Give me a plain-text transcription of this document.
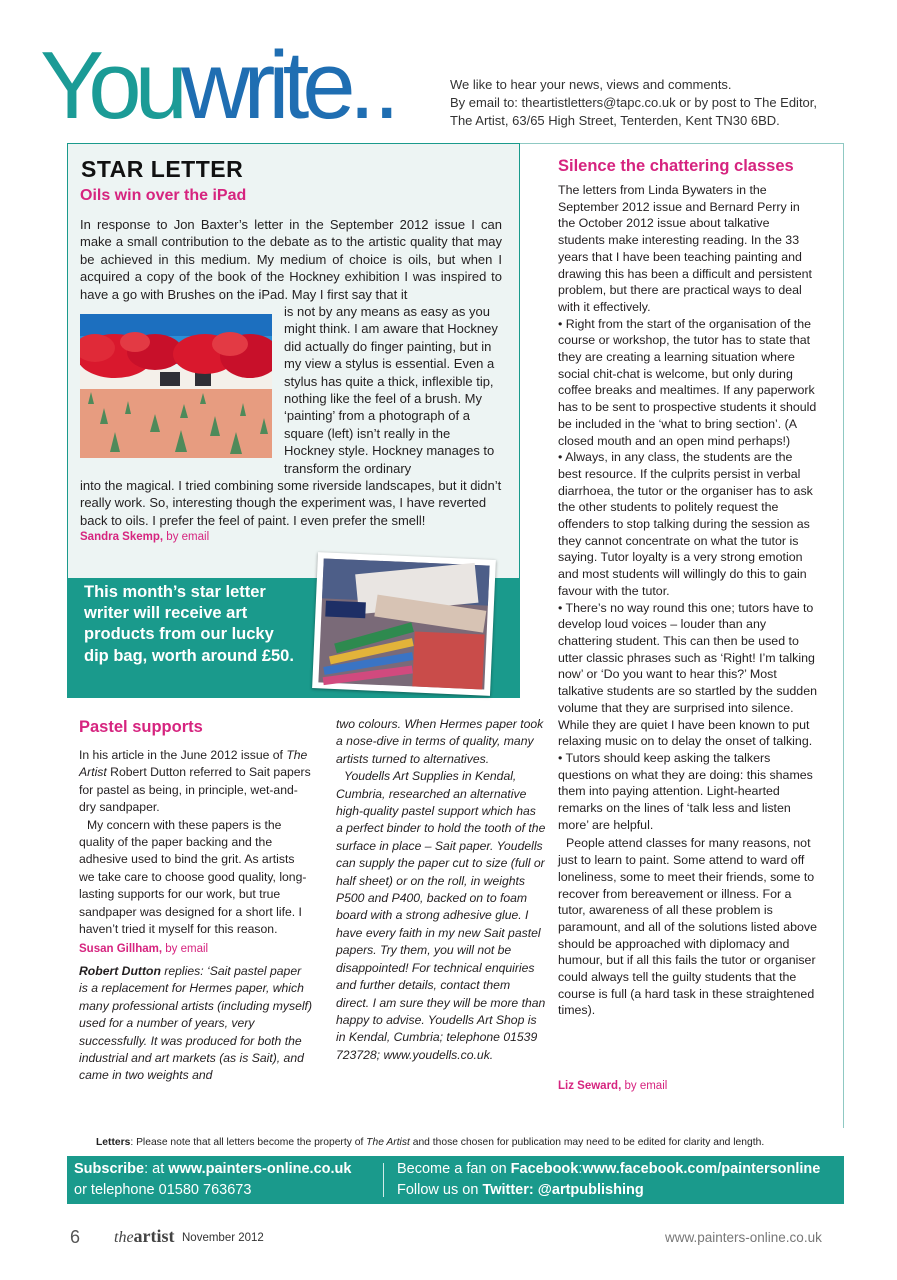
Youwrite..	We like to hear your news, views and comments.
By email to: theartistletters@tapc.co.uk or by post to The Editor,
The Artist, 63/65 High Street, Tenterden, Kent TN30 6BD.
STAR LETTER
Oils win over the iPad
In response to Jon Baxter’s letter in the September 2012 issue I can make a small contribution to the debate as to the artistic quality that may be achieved in this medium. My medium of choice is oils, but when I acquired a copy of the book of the Hockney exhibition I was inspired to have a go with Brushes on the iPad. May I first say that it
is not by any means as easy as you might think. I am aware that Hockney did actually do finger painting, but in my view a stylus is essential. Even a stylus has quite a thick, inflexible tip, nothing like the feel of a brush. My ‘painting’ from a photograph of a square (left) isn’t really in the Hockney style. Hockney manages to transform the ordinary
into the magical. I tried combining some riverside landscapes, but it didn’t really work. So, interesting though the experiment was, I have reverted back to oils. I prefer the feel of paint. I even prefer the smell!
Sandra Skemp, by email
This month’s star letter writer will receive art products from our lucky dip bag, worth around £50.
Pastel supports

In his article in the June 2012 issue of The Artist Robert Dutton referred to Sait papers for pastel as being, in principle, wet-and-dry sandpaper.

My concern with these papers is the quality of the paper backing and the adhesive used to bind the grit. As artists we take care to choose good quality, long-lasting supports for our work, but true sandpaper was designed for a short life. I haven’t tried it myself for this reason.

Susan Gillham, by email

Robert Dutton replies: ‘Sait pastel paper is a replacement for Hermes paper, which many professional artists (including myself) used for a number of years, very successfully. It was produced for both the industrial and art markets (as is Sait), and came in two weights and

two colours. When Hermes paper took a nose-dive in terms of quality, many artists turned to alternatives.

Youdells Art Supplies in Kendal, Cumbria, researched an alternative high-quality pastel support which has a perfect binder to hold the tooth of the surface in place – Sait paper. Youdells can supply the paper cut to size (full or half sheet) or on the roll, in weights P500 and P400, backed on to foam board with a strong adhesive glue. I have every faith in my new Sait pastel papers. Try them, you will not be disappointed! For technical enquiries and further details, contact them direct. I am sure they will be more than happy to advise. Youdells Art Shop is in Kendal, Cumbria; telephone 01539 723728; www.youdells.co.uk.

Silence the chattering classes

The letters from Linda Bywaters in the September 2012 issue and Bernard Perry in the October 2012 issue about talkative students make interesting reading. In the 33 years that I have been teaching painting and drawing this has been a difficult and persistent problem, but there are practical ways to deal with it effectively.

• Right from the start of the organisation of the course or workshop, the tutor has to state that they are creating a learning situation where social chit-chat is welcome, but only during coffee breaks and mealtimes. If any paperwork has to be sent to prospective students it should be included in the ‘what to bring section’. (A closed mouth and an open mind perhaps!)

• Always, in any class, the students are the best resource. If the culprits persist in verbal diarrhoea, the tutor or the organiser has to ask the other students to politely request the offenders to stop talking during the session as they cannot concentrate on what the tutor is saying. Tutor loyalty is a very strong emotion and most students will willingly do this to gain favour with the tutor.

• There’s no way round this one; tutors have to develop loud voices – louder than any chattering student. This can then be used to utter classic phrases such as ‘Right! I’m talking now’ or ‘Do you want to hear this?’ Most talkative students are so startled by the sudden volume that they are surprised into silence. While they are quiet I have been known to put relaxing music on to delay the onset of talking.

• Tutors should keep asking the talkers questions on what they are doing: this shames them into paying attention. Light-hearted remarks on the lines of ‘talk less and listen more’ are helpful.

People attend classes for many reasons, not just to learn to paint. Some attend to ward off loneliness, some to meet their friends, some to recover from bereavement or illness. For a tutor, awareness of all these problem is paramount, and all of the solutions listed above should be approached with diplomacy and humour, but if all this fails the tutor or organiser could always tell the guilty students that the course is full (a hard task in these straightened times).

Liz Seward, by email
Letters: Please note that all letters become the property of The Artist and those chosen for publication may need to be edited for clarity and length.
Subscribe: at www.painters-online.co.uk
or telephone 01580 763673
Become a fan on Facebook:www.facebook.com/paintersonline
Follow us on Twitter: @artpublishing
6 theartist November 2012	www.painters-online.co.uk
